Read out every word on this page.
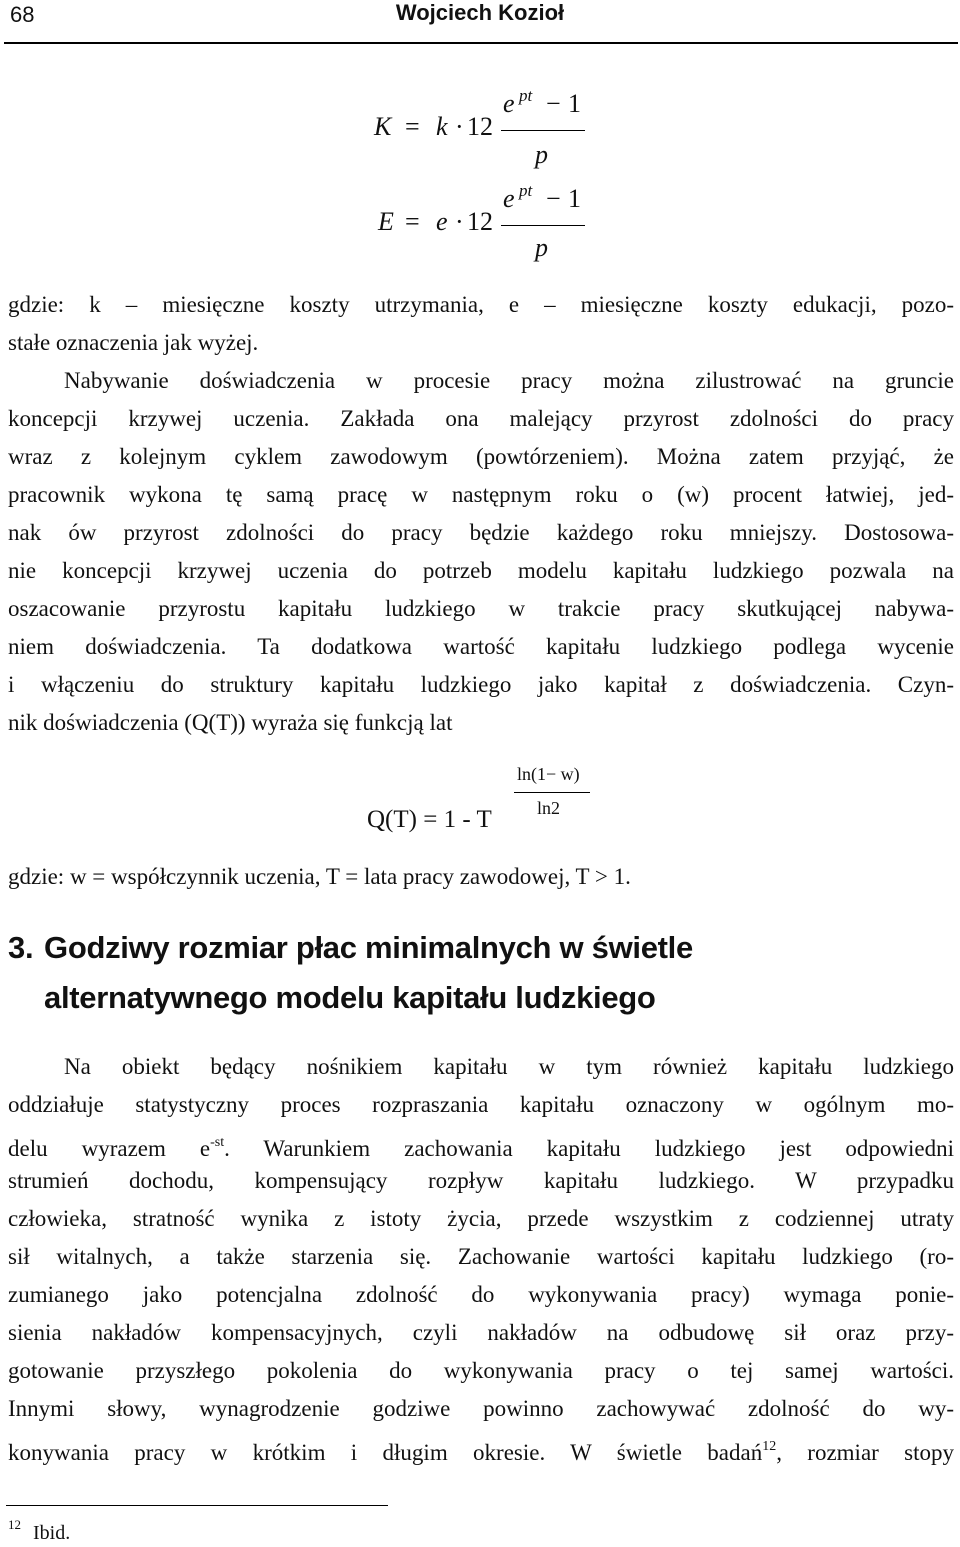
68	Wojciech Kozioł
K = k · 12
e pt − 1
p
E = e · 12
e pt − 1
p
gdzie: k – miesięczne koszty utrzymania, e – miesięczne koszty edukacji, pozo-
stałe oznaczenia jak wyżej.
Nabywanie doświadczenia w procesie pracy można zilustrować na gruncie
koncepcji krzywej uczenia. Zakłada ona malejący przyrost zdolności do pracy
wraz z kolejnym cyklem zawodowym (powtórzeniem). Można zatem przyjąć, że
pracownik wykona tę samą pracę w następnym roku o (w) procent łatwiej, jed-
nak ów przyrost zdolności do pracy będzie każdego roku mniejszy. Dostosowa-
nie koncepcji krzywej uczenia do potrzeb modelu kapitału ludzkiego pozwala na
oszacowanie przyrostu kapitału ludzkiego w trakcie pracy skutkującej nabywa-
niem doświadczenia. Ta dodatkowa wartość kapitału ludzkiego podlega wycenie
i włączeniu do struktury kapitału ludzkiego jako kapitał z doświadczenia. Czyn-
nik doświadczenia (Q(T)) wyraża się funkcją lat
Q(T) = 1 - T
ln(1− w)
ln2
gdzie: w = współczynnik uczenia, T = lata pracy zawodowej, T > 1.
3. Godziwy rozmiar płac minimalnych w świetle
alternatywnego modelu kapitału ludzkiego
Na obiekt będący nośnikiem kapitału w tym również kapitału ludzkiego
oddziałuje statystyczny proces rozpraszania kapitału oznaczony w ogólnym mo-
delu wyrazem $e^{-st}$. Warunkiem zachowania kapitału ludzkiego jest odpowiedni
strumień dochodu, kompensujący rozpływ kapitału ludzkiego. W przypadku
człowieka, stratność wynika z istoty życia, przede wszystkim z codziennej utraty
sił witalnych, a także starzenia się. Zachowanie wartości kapitału ludzkiego (ro-
zumianego jako potencjalna zdolność do wykonywania pracy) wymaga ponie-
sienia nakładów kompensacyjnych, czyli nakładów na odbudowę sił oraz przy-
gotowanie przyszłego pokolenia do wykonywania pracy o tej samej wartości.
Innymi słowy, wynagrodzenie godziwe powinno zachowywać zdolność do wy-
konywania pracy w krótkim i długim okresie. W świetle badań$^{12}$, rozmiar stopy
$^{12}$ Ibid.
